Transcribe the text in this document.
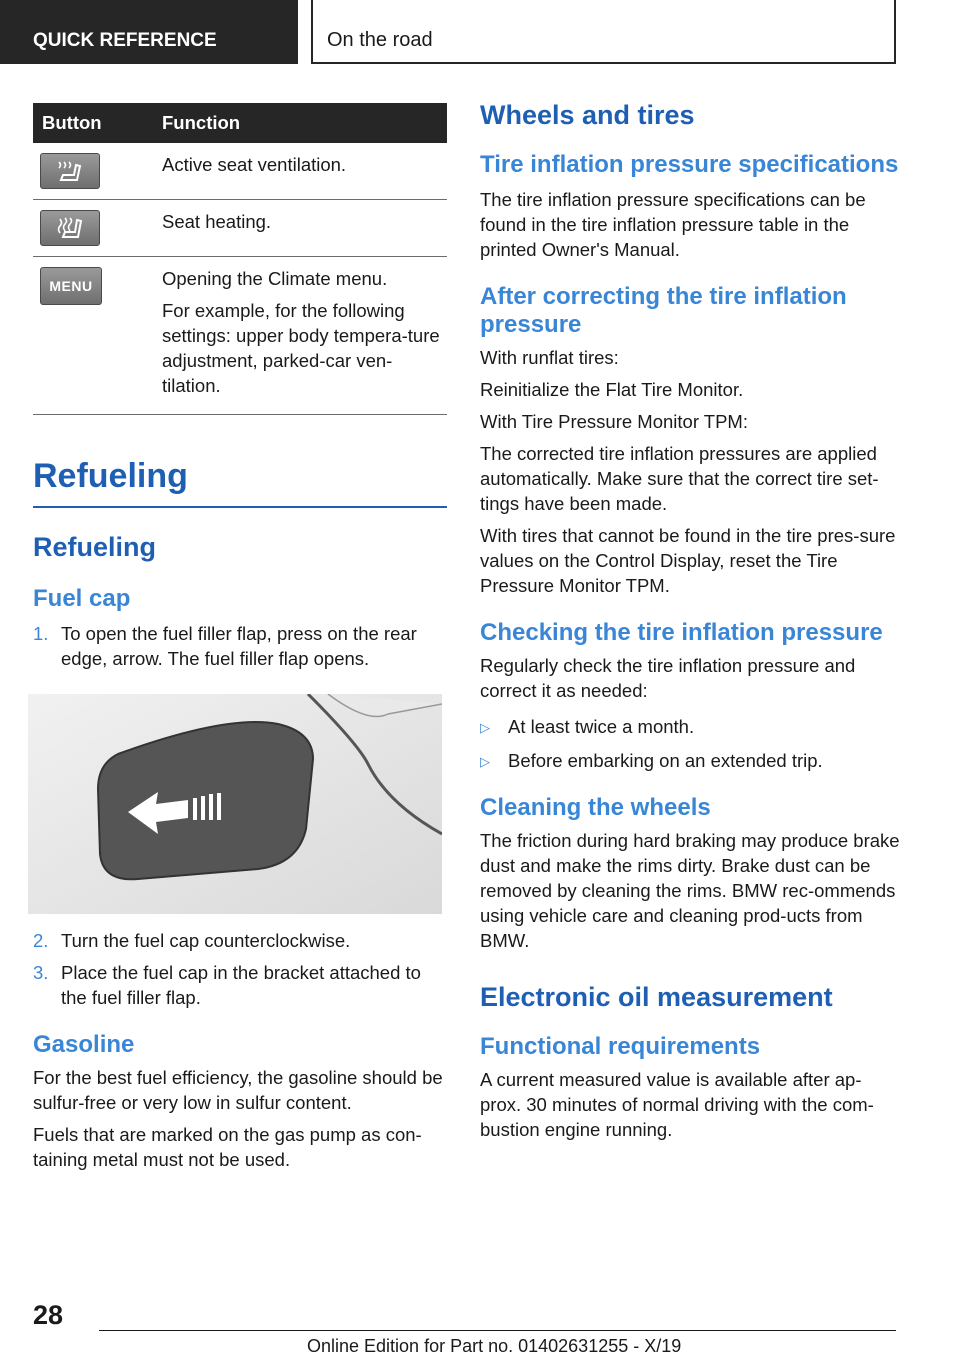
QUICK REFERENCE	On the road
Button	Function

Active seat ventilation.

Seat heating.

MENU	Opening the Climate menu.

For example, for the following settings: upper body tempera-ture adjustment, parked-car ven-tilation.

Refueling
Refueling
Fuel cap
1. To open the fuel filler flap, press on the rear edge, arrow. The fuel filler flap opens.
2. Turn the fuel cap counterclockwise.
3. Place the fuel cap in the bracket attached to the fuel filler flap.
Gasoline

For the best fuel efficiency, the gasoline should be sulfur-free or very low in sulfur content.

Fuels that are marked on the gas pump as con-taining metal must not be used.

Wheels and tires
Tire inflation pressure specifications

The tire inflation pressure specifications can be found in the tire inflation pressure table in the printed Owner's Manual.

After correcting the tire inflation pressure

With runflat tires:

Reinitialize the Flat Tire Monitor.

With Tire Pressure Monitor TPM:

The corrected tire inflation pressures are applied automatically. Make sure that the correct tire set-tings have been made.

With tires that cannot be found in the tire pres-sure values on the Control Display, reset the Tire Pressure Monitor TPM.

Checking the tire inflation pressure

Regularly check the tire inflation pressure and correct it as needed:

▷ At least twice a month.
▷ Before embarking on an extended trip.
Cleaning the wheels

The friction during hard braking may produce brake dust and make the rims dirty. Brake dust can be removed by cleaning the rims. BMW rec-ommends using vehicle care and cleaning prod-ucts from BMW.

Electronic oil measurement
Functional requirements

A current measured value is available after ap-prox. 30 minutes of normal driving with the com-bustion engine running.

28
Online Edition for Part no. 01402631255 - X/19
